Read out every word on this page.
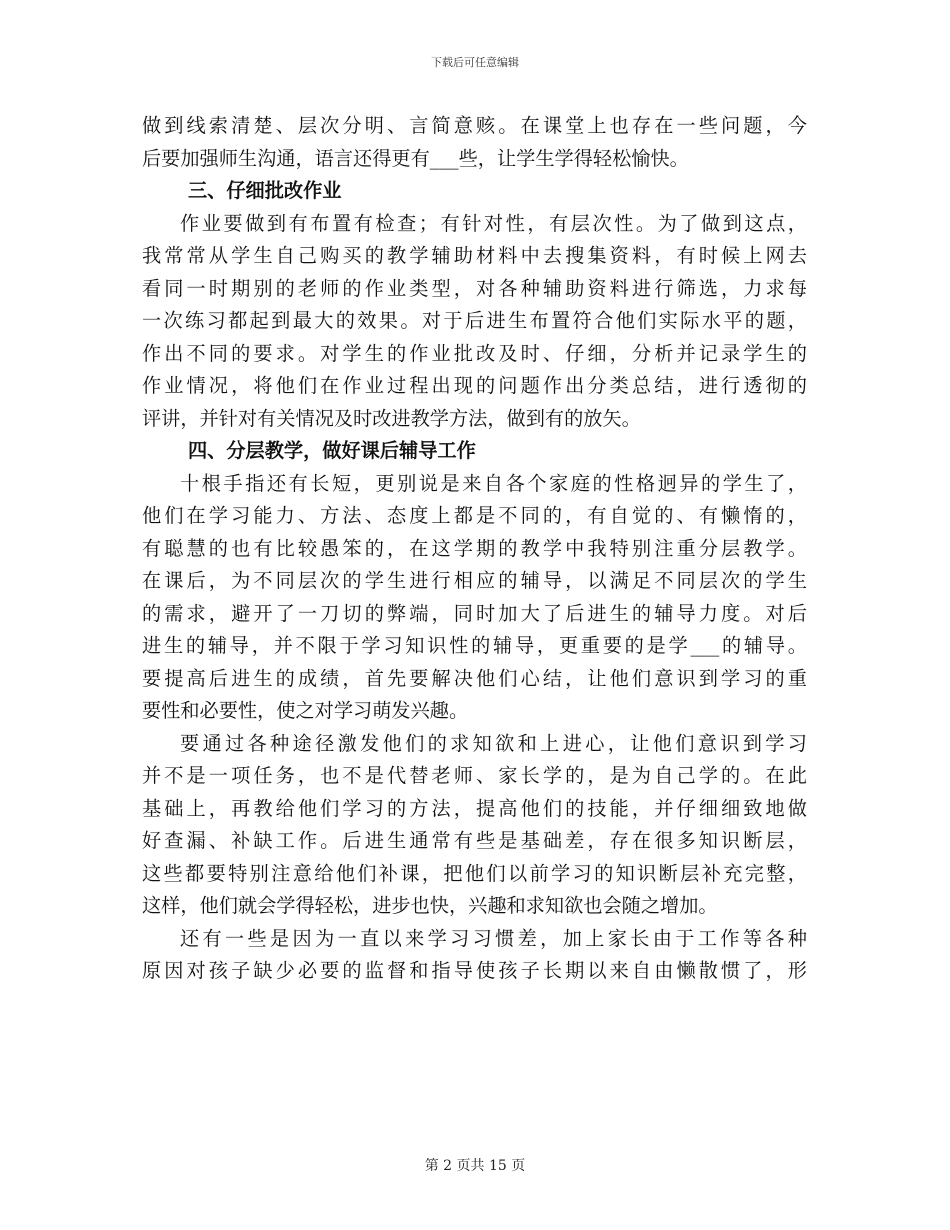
下载后可任意编辑
做到线索清楚、层次分明、言简意赅。在课堂上也存在一些问题，今
后要加强师生沟通，语言还得更有___些，让学生学得轻松愉快。
三、仔细批改作业
作业要做到有布置有检查；有针对性，有层次性。为了做到这点，
我常常从学生自己购买的教学辅助材料中去搜集资料，有时候上网去
看同一时期别的老师的作业类型，对各种辅助资料进行筛选，力求每
一次练习都起到最大的效果。对于后进生布置符合他们实际水平的题，
作出不同的要求。对学生的作业批改及时、仔细，分析并记录学生的
作业情况，将他们在作业过程出现的问题作出分类总结，进行透彻的
评讲，并针对有关情况及时改进教学方法，做到有的放矢。
四、分层教学，做好课后辅导工作
十根手指还有长短，更别说是来自各个家庭的性格迥异的学生了，
他们在学习能力、方法、态度上都是不同的，有自觉的、有懒惰的，
有聪慧的也有比较愚笨的，在这学期的教学中我特别注重分层教学。
在课后，为不同层次的学生进行相应的辅导，以满足不同层次的学生
的需求，避开了一刀切的弊端，同时加大了后进生的辅导力度。对后
进生的辅导，并不限于学习知识性的辅导，更重要的是学___的辅导。
要提高后进生的成绩，首先要解决他们心结，让他们意识到学习的重
要性和必要性，使之对学习萌发兴趣。
要通过各种途径激发他们的求知欲和上进心，让他们意识到学习
并不是一项任务，也不是代替老师、家长学的，是为自己学的。在此
基础上，再教给他们学习的方法，提高他们的技能，并仔细细致地做
好查漏、补缺工作。后进生通常有些是基础差，存在很多知识断层，
这些都要特别注意给他们补课，把他们以前学习的知识断层补充完整，
这样，他们就会学得轻松，进步也快，兴趣和求知欲也会随之增加。
还有一些是因为一直以来学习习惯差，加上家长由于工作等各种
原因对孩子缺少必要的监督和指导使孩子长期以来自由懒散惯了，形
第 2 页共 15 页
